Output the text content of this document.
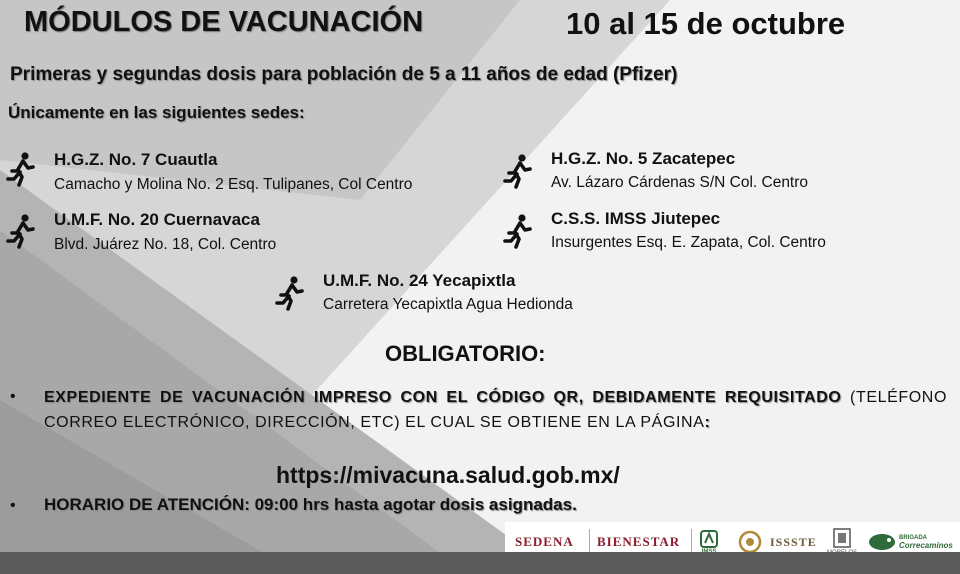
MÓDULOS DE VACUNACIÓN	10 al 15 de octubre
Primeras y segundas dosis para población de 5 a 11 años de edad (Pfizer)
Únicamente en las siguientes sedes:
H.G.Z. No. 7 Cuautla
Camacho y Molina No. 2 Esq. Tulipanes, Col Centro
U.M.F. No. 20 Cuernavaca
Blvd. Juárez No. 18, Col. Centro
H.G.Z. No. 5 Zacatepec
Av. Lázaro Cárdenas S/N Col. Centro
C.S.S. IMSS Jiutepec
Insurgentes Esq. E. Zapata, Col. Centro
U.M.F. No. 24 Yecapixtla
Carretera Yecapixtla Agua Hedionda
OBLIGATORIO:
• EXPEDIENTE DE VACUNACIÓN IMPRESO CON EL CÓDIGO QR, DEBIDAMENTE REQUISITADO (TELÉFONO CORREO ELECTRÓNICO, DIRECCIÓN, ETC) EL CUAL SE OBTIENE EN LA PÁGINA:
https://mivacuna.salud.gob.mx/
• HORARIO DE ATENCIÓN: 09:00 hrs hasta agotar dosis asignadas.
SEDENA BIENESTAR	ISSSTE	BRIGADA
Correcaminos
